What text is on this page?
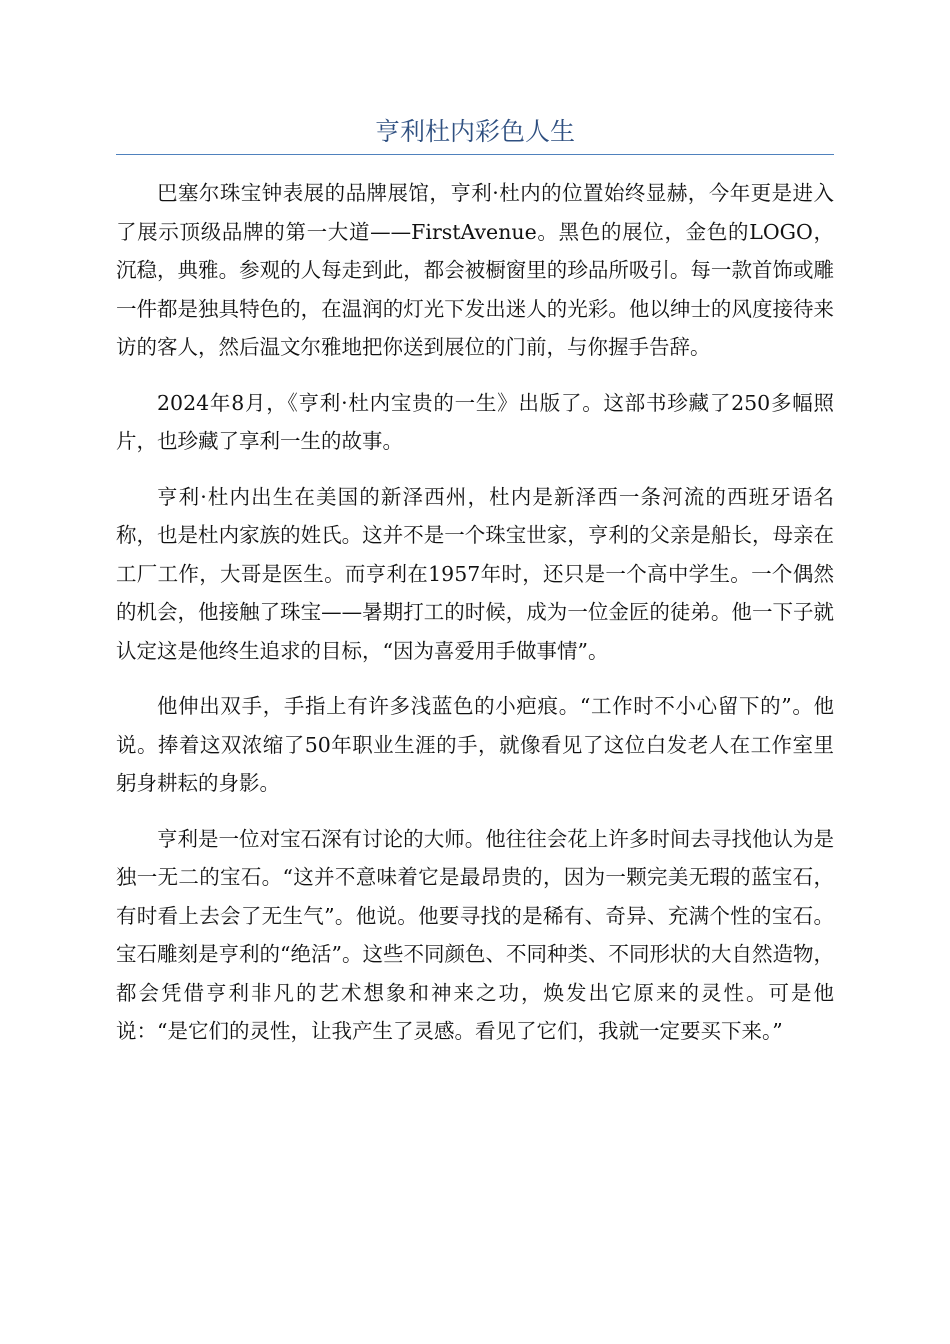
亨利杜内彩色人生

巴塞尔珠宝钟表展的品牌展馆，亨利·杜内的位置始终显赫，今年更是进入了展示顶级品牌的第一大道——FirstAvenue。黑色的展位，金色的LOGO，沉稳，典雅。参观的人每走到此，都会被橱窗里的珍品所吸引。每一款首饰或雕一件都是独具特色的，在温润的灯光下发出迷人的光彩。他以绅士的风度接待来访的客人，然后温文尔雅地把你送到展位的门前，与你握手告辞。

2024年8月，《亨利·杜内宝贵的一生》出版了。这部书珍藏了250多幅照片，也珍藏了享利一生的故事。

亨利·杜内出生在美国的新泽西州，杜内是新泽西一条河流的西班牙语名称，也是杜内家族的姓氏。这并不是一个珠宝世家，亨利的父亲是船长，母亲在工厂工作，大哥是医生。而亨利在1957年时，还只是一个高中学生。一个偶然的机会，他接触了珠宝——暑期打工的时候，成为一位金匠的徒弟。他一下子就认定这是他终生追求的目标，“因为喜爱用手做事情”。

他伸出双手，手指上有许多浅蓝色的小疤痕。“工作时不小心留下的”。他说。捧着这双浓缩了50年职业生涯的手，就像看见了这位白发老人在工作室里躬身耕耘的身影。

亨利是一位对宝石深有讨论的大师。他往往会花上许多时间去寻找他认为是独一无二的宝石。“这并不意味着它是最昂贵的，因为一颗完美无瑕的蓝宝石，有时看上去会了无生气”。他说。他要寻找的是稀有、奇异、充满个性的宝石。宝石雕刻是亨利的“绝活”。这些不同颜色、不同种类、不同形状的大自然造物，都会凭借亨利非凡的艺术想象和神来之功，焕发出它原来的灵性。可是他说：“是它们的灵性，让我产生了灵感。看见了它们，我就一定要买下来。”
